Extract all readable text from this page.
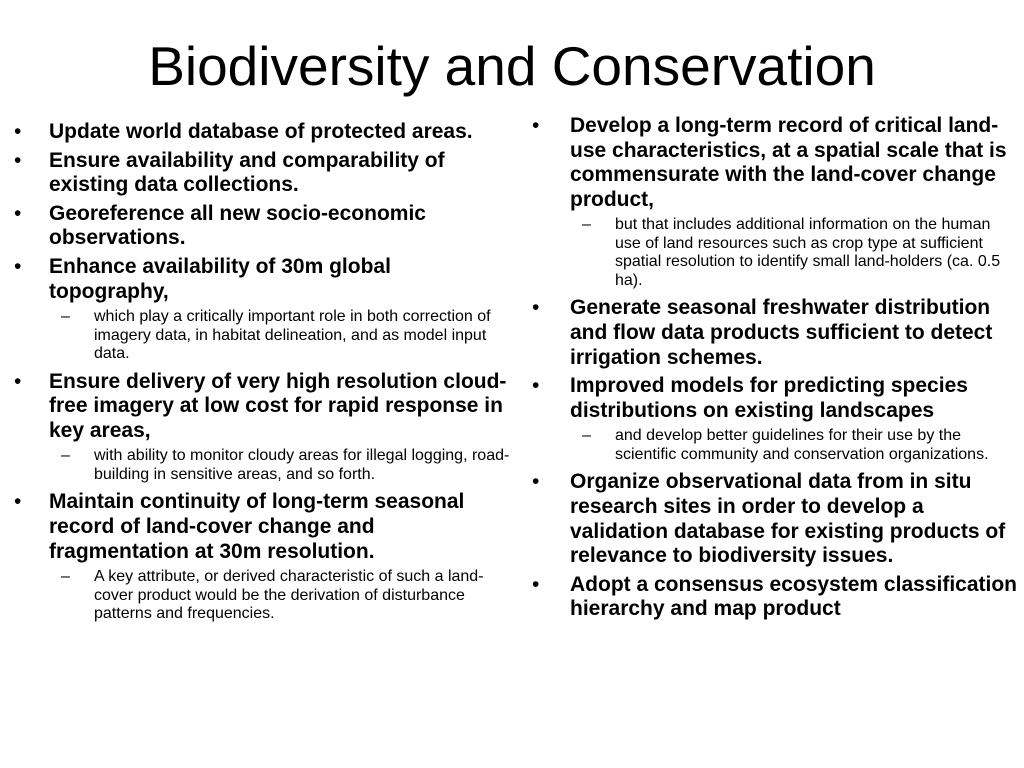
Biodiversity and Conservation
• Update world database of protected areas.
• Ensure availability and comparability of existing data collections.
• Georeference all new socio-economic observations.
• Enhance availability of 30m global topography,
– which play a critically important role in both correction of imagery data, in habitat delineation, and as model input data.
• Ensure delivery of very high resolution cloud-free imagery at low cost for rapid response in key areas,
– with ability to monitor cloudy areas for illegal logging, road-building in sensitive areas, and so forth.
• Maintain continuity of long-term seasonal record of land-cover change and fragmentation at 30m resolution.
– A key attribute, or derived characteristic of such a land-cover product would be the derivation of disturbance patterns and frequencies.
• Develop a long-term record of critical land-use characteristics, at a spatial scale that is commensurate with the land-cover change product,
– but that includes additional information on the human use of land resources such as crop type at sufficient spatial resolution to identify small land-holders (ca. 0.5 ha).
• Generate seasonal freshwater distribution and flow data products sufficient to detect irrigation schemes.
• Improved models for predicting species distributions on existing landscapes
– and develop better guidelines for their use by the scientific community and conservation organizations.
• Organize observational data from in situ research sites in order to develop a validation database for existing products of relevance to biodiversity issues.
• Adopt a consensus ecosystem classification hierarchy and map product
